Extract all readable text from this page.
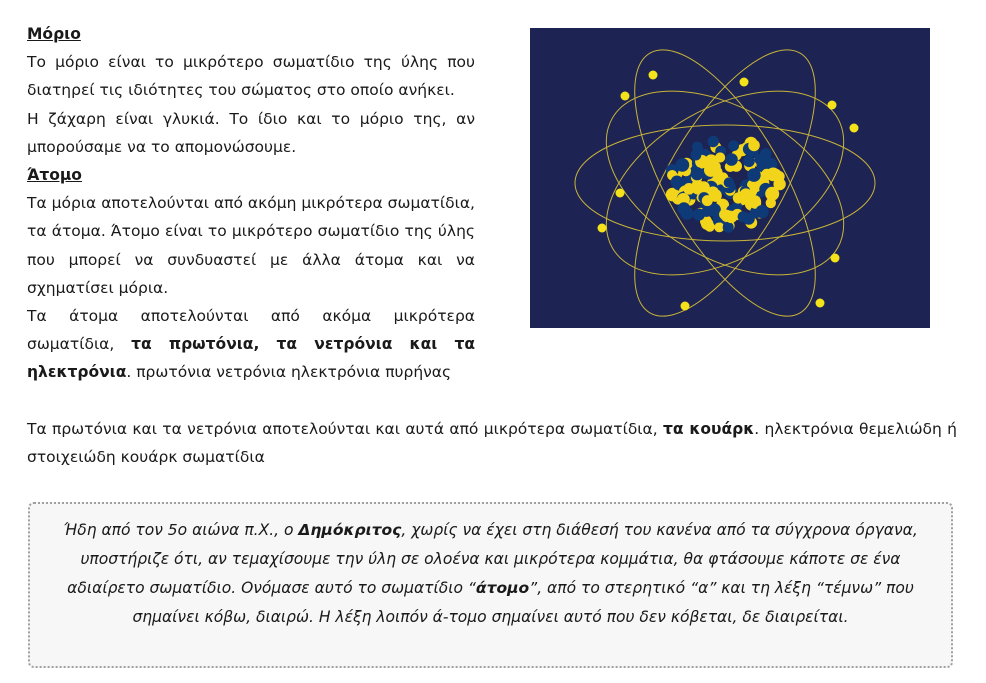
Μόριο

Το μόριο είναι το μικρότερο σωματίδιο της ύλης που διατηρεί τις ιδιότητες του σώματος στο οποίο ανήκει.

Η ζάχαρη είναι γλυκιά. Το ίδιο και το μόριο της, αν μπορούσαμε να το απομονώσουμε.

Άτομο

Τα μόρια αποτελούνται από ακόμη μικρότερα σωματίδια, τα άτομα. Άτομο είναι το μικρότερο σωματίδιο της ύλης που μπορεί να συνδυαστεί με άλλα άτομα και να σχηματίσει μόρια.

Τα άτομα αποτελούνται από ακόμα μικρότερα σωματίδια, τα πρωτόνια, τα νετρόνια και τα ηλεκτρόνια. πρωτόνια νετρόνια ηλεκτρόνια πυρήνας

Τα πρωτόνια και τα νετρόνια αποτελούνται και αυτά από μικρότερα σωματίδια, τα κουάρκ. ηλεκτρόνια θεμελιώδη ή στοιχειώδη κουάρκ σωματίδια

Ήδη από τον 5ο αιώνα π.Χ., ο Δημόκριτος, χωρίς να έχει στη διάθεσή του κανένα από τα σύγχρονα όργανα, υποστήριζε ότι, αν τεμαχίσουμε την ύλη σε ολοένα και μικρότερα κομμάτια, θα φτάσουμε κάποτε σε ένα αδιαίρετο σωματίδιο. Ονόμασε αυτό το σωματίδιο “άτομο”, από το στερητικό “α” και τη λέξη “τέμνω” που σημαίνει κόβω, διαιρώ. Η λέξη λοιπόν ά-τομο σημαίνει αυτό που δεν κόβεται, δε διαιρείται.
